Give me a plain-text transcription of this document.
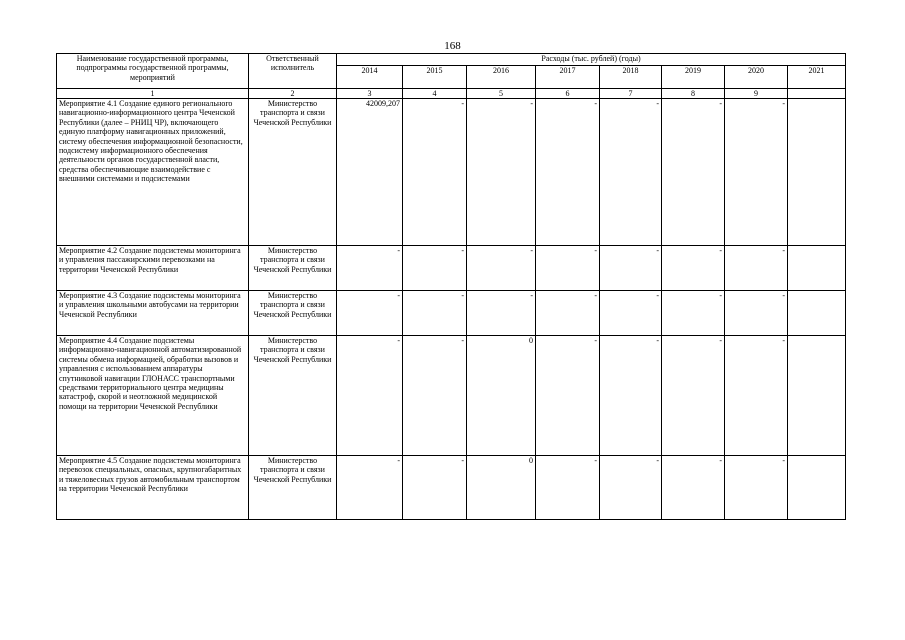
168
Наименование государственной программы, подпрограммы государственной программы, мероприятий	Ответственный исполнитель	Расходы (тыс. рублей) (годы)							
		2014	2015	2016	2017	2018	2019	2020	2021
1	2	3	4	5	6	7	8	9	
Мероприятие 4.1 Создание единого регионального навигационно-информационного центра Чеченской Республики (далее – РНИЦ ЧР), включающего единую платформу навигационных приложений, систему обеспечения информационной безопасности, подсистему информационного обеспечения деятельности органов государственной власти, средства обеспечивающие взаимодействие с внешними системами и подсистемами	Министерство транспорта и связи Чеченской Республики	42009,207	-	-	-	-	-	-	
Мероприятие 4.2 Создание подсистемы мониторинга и управления пассажирскими перевозками на территории Чеченской Республики	Министерство транспорта и связи Чеченской Республики	-	-	-	-	-	-	-	
Мероприятие 4.3 Создание подсистемы мониторинга и управления школьными автобусами на территории Чеченской Республики	Министерство транспорта и связи Чеченской Республики	-	-	-	-	-	-	-	
Мероприятие 4.4 Создание подсистемы информационно-навигационной автоматизированной системы обмена информацией, обработки вызовов и управления с использованием аппаратуры спутниковой навигации ГЛОНАСС транспортными средствами территориального центра медицины катастроф, скорой и неотложной медицинской помощи на территории Чеченской Республики	Министерство транспорта и связи Чеченской Республики	-	-	0	-	-	-	-	
Мероприятие 4.5 Создание подсистемы мониторинга перевозок специальных, опасных, крупногабаритных и тяжеловесных грузов автомобильным транспортом на территории Чеченской Республики	Министерство транспорта и связи Чеченской Республики	-	-	0	-	-	-	-	
